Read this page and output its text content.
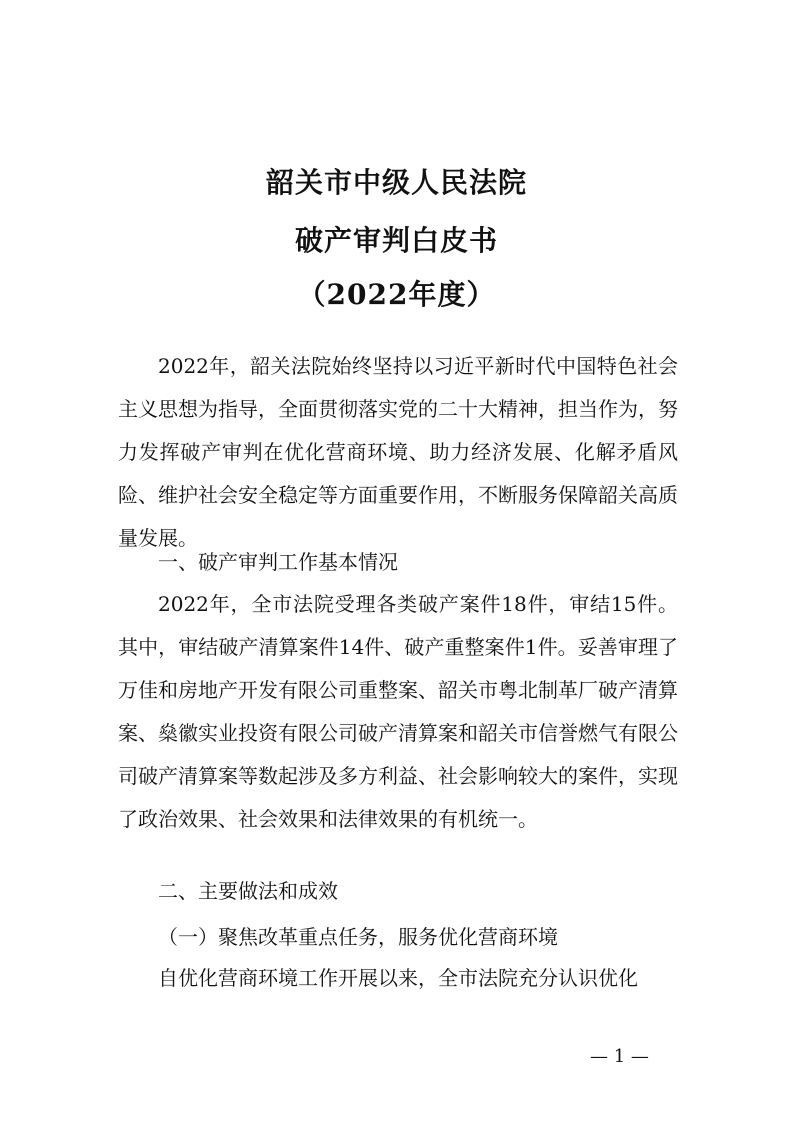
韶关市中级人民法院
破产审判白皮书
（2022年度）

2022年，韶关法院始终坚持以习近平新时代中国特色社会主义思想为指导，全面贯彻落实党的二十大精神，担当作为，努力发挥破产审判在优化营商环境、助力经济发展、化解矛盾风险、维护社会安全稳定等方面重要作用，不断服务保障韶关高质量发展。

一、破产审判工作基本情况

2022年，全市法院受理各类破产案件18件，审结15件。其中，审结破产清算案件14件、破产重整案件1件。妥善审理了万佳和房地产开发有限公司重整案、韶关市粤北制革厂破产清算案、燊徽实业投资有限公司破产清算案和韶关市信誉燃气有限公司破产清算案等数起涉及多方利益、社会影响较大的案件，实现了政治效果、社会效果和法律效果的有机统一。

二、主要做法和成效

（一）聚焦改革重点任务，服务优化营商环境

自优化营商环境工作开展以来，全市法院充分认识优化

— 1 —
